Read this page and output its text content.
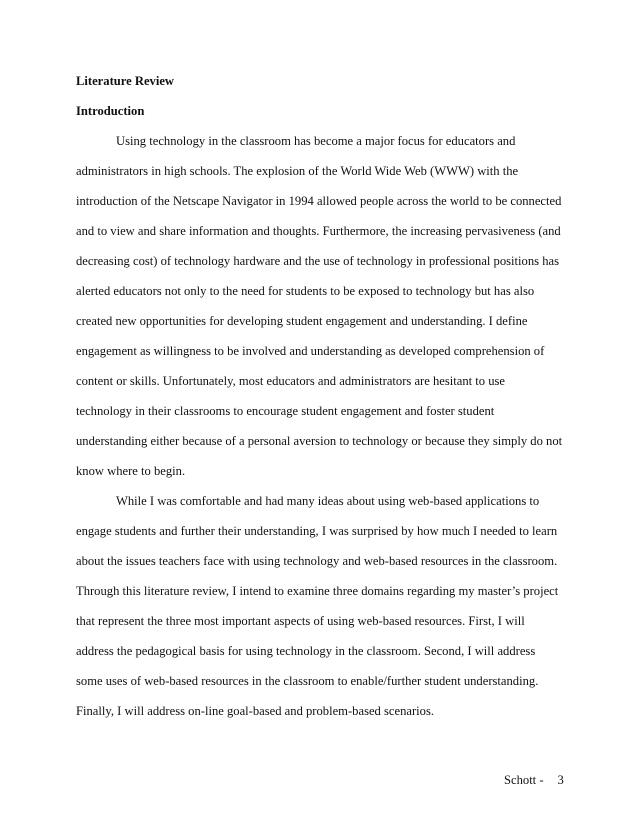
Literature Review

Introduction

Using technology in the classroom has become a major focus for educators and

administrators in high schools. The explosion of the World Wide Web (WWW) with the

introduction of the Netscape Navigator in 1994 allowed people across the world to be connected

and to view and share information and thoughts. Furthermore, the increasing pervasiveness (and

decreasing cost) of technology hardware and the use of technology in professional positions has

alerted educators not only to the need for students to be exposed to technology but has also

created new opportunities for developing student engagement and understanding. I define

engagement as willingness to be involved and understanding as developed comprehension of

content or skills. Unfortunately, most educators and administrators are hesitant to use

technology in their classrooms to encourage student engagement and foster student

understanding either because of a personal aversion to technology or because they simply do not

know where to begin.

While I was comfortable and had many ideas about using web-based applications to

engage students and further their understanding, I was surprised by how much I needed to learn

about the issues teachers face with using technology and web-based resources in the classroom.

Through this literature review, I intend to examine three domains regarding my master’s project

that represent the three most important aspects of using web-based resources. First, I will

address the pedagogical basis for using technology in the classroom. Second, I will address

some uses of web-based resources in the classroom to enable/further student understanding.

Finally, I will address on-line goal-based and problem-based scenarios.

Schott - 3
